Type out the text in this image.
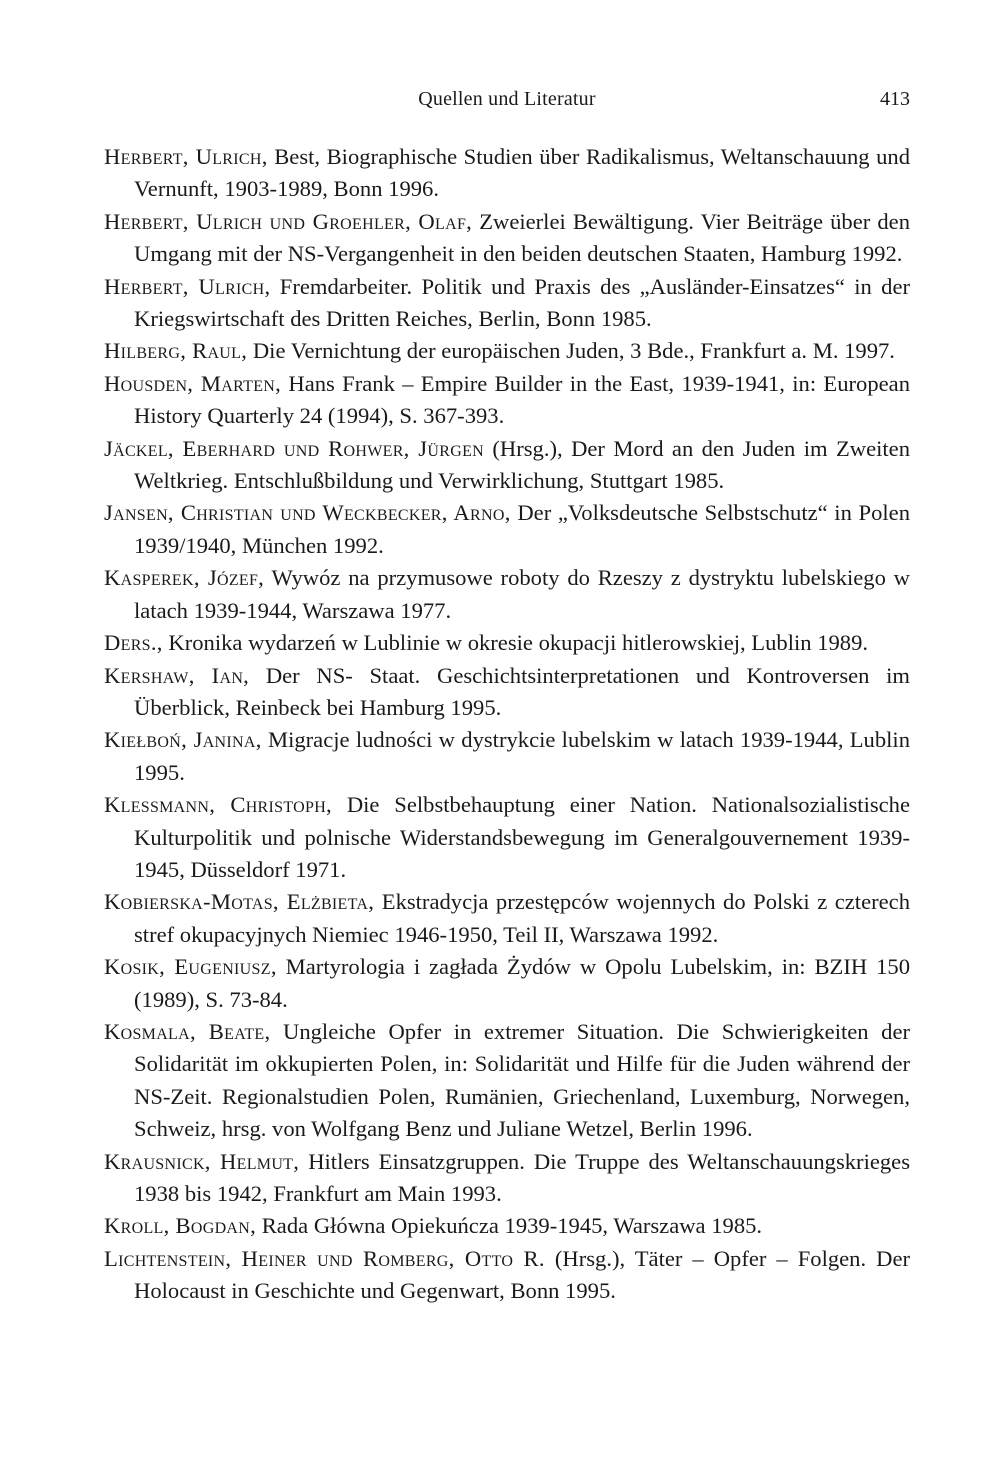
Quellen und Literatur	413
Herbert, Ulrich, Best, Biographische Studien über Radikalismus, Weltanschauung und Vernunft, 1903-1989, Bonn 1996.
Herbert, Ulrich und Groehler, Olaf, Zweierlei Bewältigung. Vier Beiträge über den Umgang mit der NS-Vergangenheit in den beiden deutschen Staaten, Hamburg 1992.
Herbert, Ulrich, Fremdarbeiter. Politik und Praxis des „Ausländer-Einsatzes“ in der Kriegswirtschaft des Dritten Reiches, Berlin, Bonn 1985.
Hilberg, Raul, Die Vernichtung der europäischen Juden, 3 Bde., Frankfurt a. M. 1997.
Housden, Marten, Hans Frank – Empire Builder in the East, 1939-1941, in: European History Quarterly 24 (1994), S. 367-393.
Jäckel, Eberhard und Rohwer, Jürgen (Hrsg.), Der Mord an den Juden im Zweiten Weltkrieg. Entschlußbildung und Verwirklichung, Stuttgart 1985.
Jansen, Christian und Weckbecker, Arno, Der „Volksdeutsche Selbstschutz“ in Polen 1939/1940, München 1992.
Kasperek, Józef, Wywóz na przymusowe roboty do Rzeszy z dystryktu lubelskiego w latach 1939-1944, Warszawa 1977.
Ders., Kronika wydarzeń w Lublinie w okresie okupacji hitlerowskiej, Lublin 1989.
Kershaw, Ian, Der NS- Staat. Geschichtsinterpretationen und Kontroversen im Überblick, Reinbeck bei Hamburg 1995.
Kiełboń, Janina, Migracje ludności w dystrykcie lubelskim w latach 1939-1944, Lublin 1995.
Klessmann, Christoph, Die Selbstbehauptung einer Nation. Nationalsozialistische Kulturpolitik und polnische Widerstandsbewegung im Generalgouvernement 1939-1945, Düsseldorf 1971.
Kobierska-Motas, Elżbieta, Ekstradycja przestępców wojennych do Polski z czterech stref okupacyjnych Niemiec 1946-1950, Teil II, Warszawa 1992.
Kosik, Eugeniusz, Martyrologia i zagłada Żydów w Opolu Lubelskim, in: BZIH 150 (1989), S. 73-84.
Kosmala, Beate, Ungleiche Opfer in extremer Situation. Die Schwierigkeiten der Solidarität im okkupierten Polen, in: Solidarität und Hilfe für die Juden während der NS-Zeit. Regionalstudien Polen, Rumänien, Griechenland, Luxemburg, Norwegen, Schweiz, hrsg. von Wolfgang Benz und Juliane Wetzel, Berlin 1996.
Krausnick, Helmut, Hitlers Einsatzgruppen. Die Truppe des Weltanschauungskrieges 1938 bis 1942, Frankfurt am Main 1993.
Kroll, Bogdan, Rada Główna Opiekuńcza 1939-1945, Warszawa 1985.
Lichtenstein, Heiner und Romberg, Otto R. (Hrsg.), Täter – Opfer – Folgen. Der Holocaust in Geschichte und Gegenwart, Bonn 1995.
